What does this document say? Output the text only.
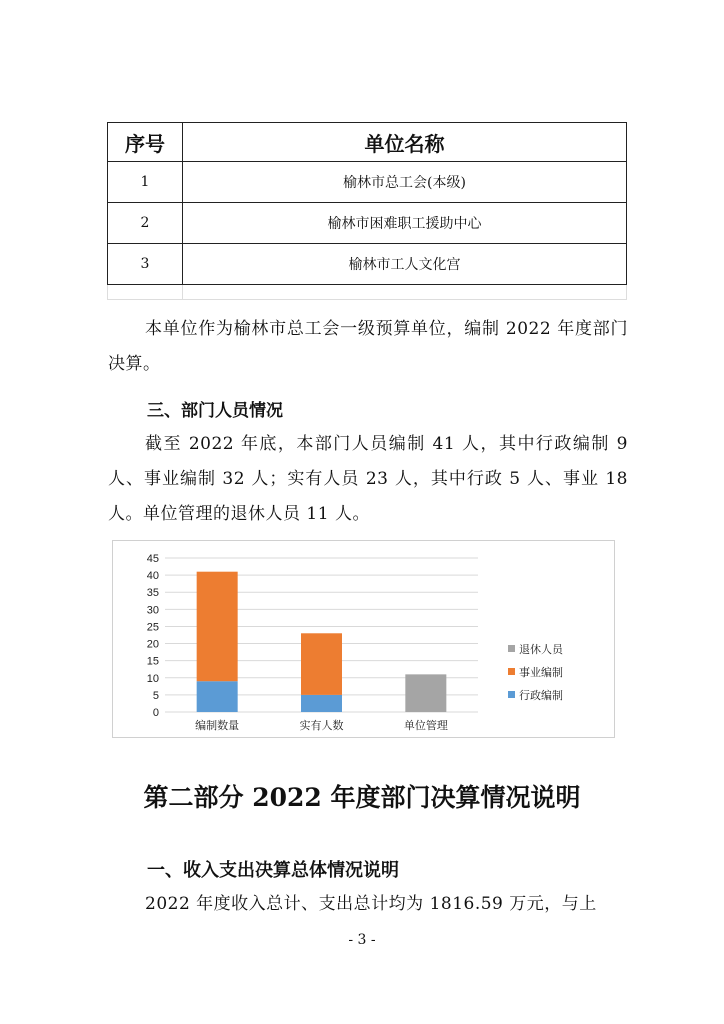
序号	单位名称
1	榆林市总工会(本级)
2	榆林市困难职工援助中心
3	榆林市工人文化宫

本单位作为榆林市总工会一级预算单位，编制 2022 年度部门决算。
三、部门人员情况
截至 2022 年底，本部门人员编制 41 人，其中行政编制 9 人、事业编制 32 人；实有人员 23 人，其中行政 5 人、事业 18 人。单位管理的退休人员 11 人。
0
5
10
15
20
25
30
35
40
45
编制数量	实有人数	单位管理
退休人员
事业编制
行政编制
第二部分 2022 年度部门决算情况说明
一、收入支出决算总体情况说明
2022 年度收入总计、支出总计均为 1816.59 万元，与上
- 3 -
